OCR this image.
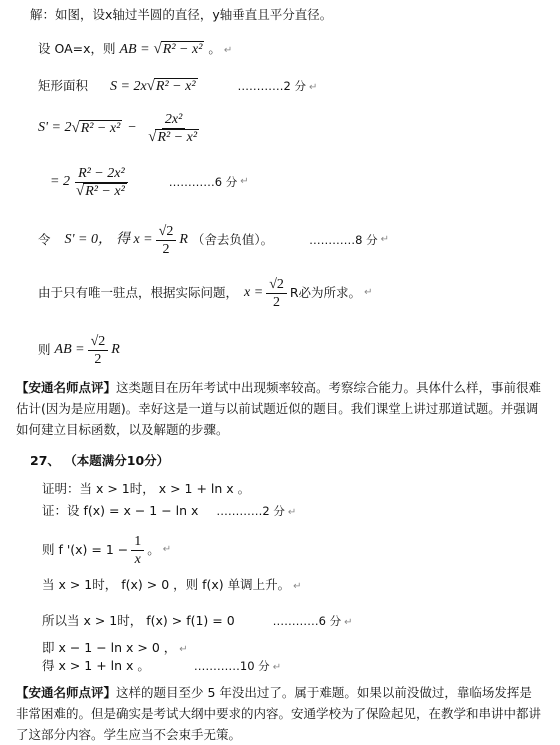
解：如图，设x轴过半圆的直径，y轴垂直且平分直径。
设 OA=x，则 AB = √R² − x² 。 ↵
矩形面积 S = 2x√R² − x²	…………2 分 ↵
S' = 2 $√R^2 - x^2 - \frac{\text{2x²}}{\text{√R² − x²}}$
= $2 \frac{\text{R² − 2x²}}{\text{√R² − x²}}$	…………6 分 ↵
令 S' = 0， 得 $x = \frac{√2}{2}$ R （舍去负值）。	…………8 分 ↵
由于只有唯一驻点，根据实际问题， $x = \frac{√2}{2}$ R必为所求。 ↵
则 AB = $\frac{√2}{2}$ R
【安通名师点评】这类题目在历年考试中出现频率较高。考察综合能力。具体什么样，事前很难估计(因为是应用题)。幸好这是一道与以前试题近似的题目。我们课堂上讲过那道试题。并强调如何建立目标函数，以及解题的步骤。
27、 （本题满分10分）
证明：当 x > 1时， x > 1 + ln x 。
证：设 f(x) = x − 1 − ln x …………2 分 ↵
则 f '$(x) = 1 - \frac{1}{x}$ 。 ↵
当 x > 1时， f(x) > 0 ，则 f(x) 单调上升。 ↵
所以当 x > 1时， f(x) > f(1) = 0	…………6 分 ↵
即 x − 1 − ln x > 0 ， ↵
得 x > 1 + ln x 。	…………10 分 ↵
【安通名师点评】这样的题目至少 5 年没出过了。属于难题。如果以前没做过，靠临场发挥是非常困难的。但是确实是考试大纲中要求的内容。安通学校为了保险起见，在教学和串讲中都讲了这部分内容。学生应当不会束手无策。
